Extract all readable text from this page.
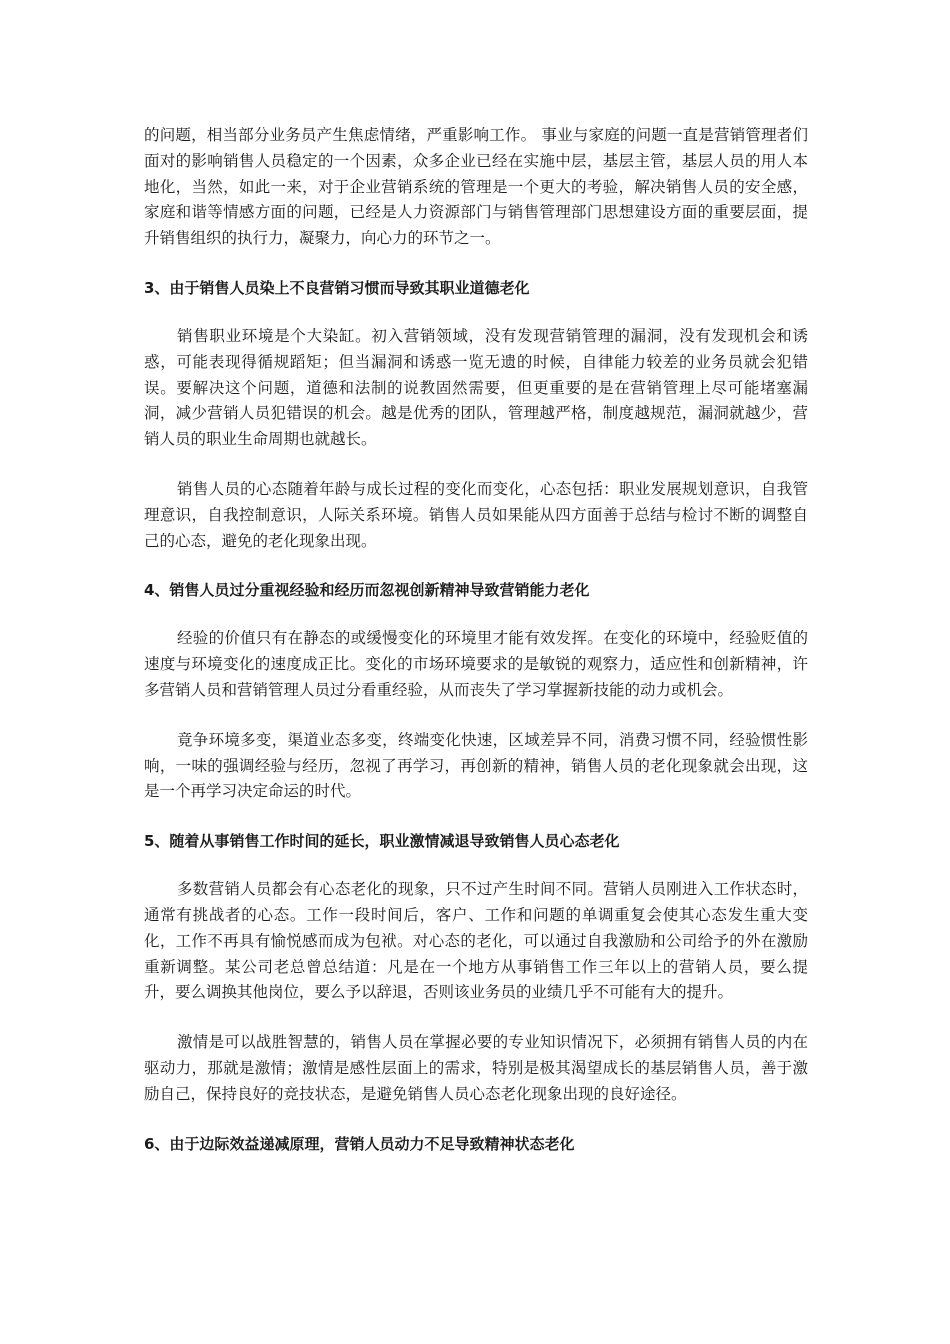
的问题，相当部分业务员产生焦虑情绪，严重影响工作。 事业与家庭的问题一直是营销管理者们面对的影响销售人员稳定的一个因素，众多企业已经在实施中层，基层主管，基层人员的用人本地化，当然，如此一来，对于企业营销系统的管理是一个更大的考验，解决销售人员的安全感，家庭和谐等情感方面的问题，已经是人力资源部门与销售管理部门思想建设方面的重要层面，提升销售组织的执行力，凝聚力，向心力的环节之一。

3、由于销售人员染上不良营销习惯而导致其职业道德老化

销售职业环境是个大染缸。初入营销领域，没有发现营销管理的漏洞，没有发现机会和诱惑，可能表现得循规蹈矩；但当漏洞和诱惑一览无遗的时候，自律能力较差的业务员就会犯错误。要解决这个问题，道德和法制的说教固然需要，但更重要的是在营销管理上尽可能堵塞漏洞，减少营销人员犯错误的机会。越是优秀的团队，管理越严格，制度越规范，漏洞就越少，营销人员的职业生命周期也就越长。

销售人员的心态随着年龄与成长过程的变化而变化，心态包括：职业发展规划意识，自我管理意识，自我控制意识，人际关系环境。销售人员如果能从四方面善于总结与检讨不断的调整自己的心态，避免的老化现象出现。

4、销售人员过分重视经验和经历而忽视创新精神导致营销能力老化

经验的价值只有在静态的或缓慢变化的环境里才能有效发挥。在变化的环境中，经验贬值的速度与环境变化的速度成正比。变化的市场环境要求的是敏锐的观察力，适应性和创新精神，许多营销人员和营销管理人员过分看重经验，从而丧失了学习掌握新技能的动力或机会。

竟争环境多变，渠道业态多变，终端变化快速，区域差异不同，消费习惯不同，经验惯性影响，一味的强调经验与经历，忽视了再学习，再创新的精神，销售人员的老化现象就会出现，这是一个再学习决定命运的时代。

5、随着从事销售工作时间的延长，职业激情减退导致销售人员心态老化

多数营销人员都会有心态老化的现象，只不过产生时间不同。营销人员刚进入工作状态时，通常有挑战者的心态。工作一段时间后，客户、工作和问题的单调重复会使其心态发生重大变化，工作不再具有愉悦感而成为包袱。对心态的老化，可以通过自我激励和公司给予的外在激励重新调整。某公司老总曾总结道：凡是在一个地方从事销售工作三年以上的营销人员，要么提升，要么调换其他岗位，要么予以辞退，否则该业务员的业绩几乎不可能有大的提升。

激情是可以战胜智慧的，销售人员在掌握必要的专业知识情况下，必须拥有销售人员的内在驱动力，那就是激情；激情是感性层面上的需求，特别是极其渴望成长的基层销售人员，善于激励自己，保持良好的竞技状态，是避免销售人员心态老化现象出现的良好途径。

6、由于边际效益递减原理，营销人员动力不足导致精神状态老化
